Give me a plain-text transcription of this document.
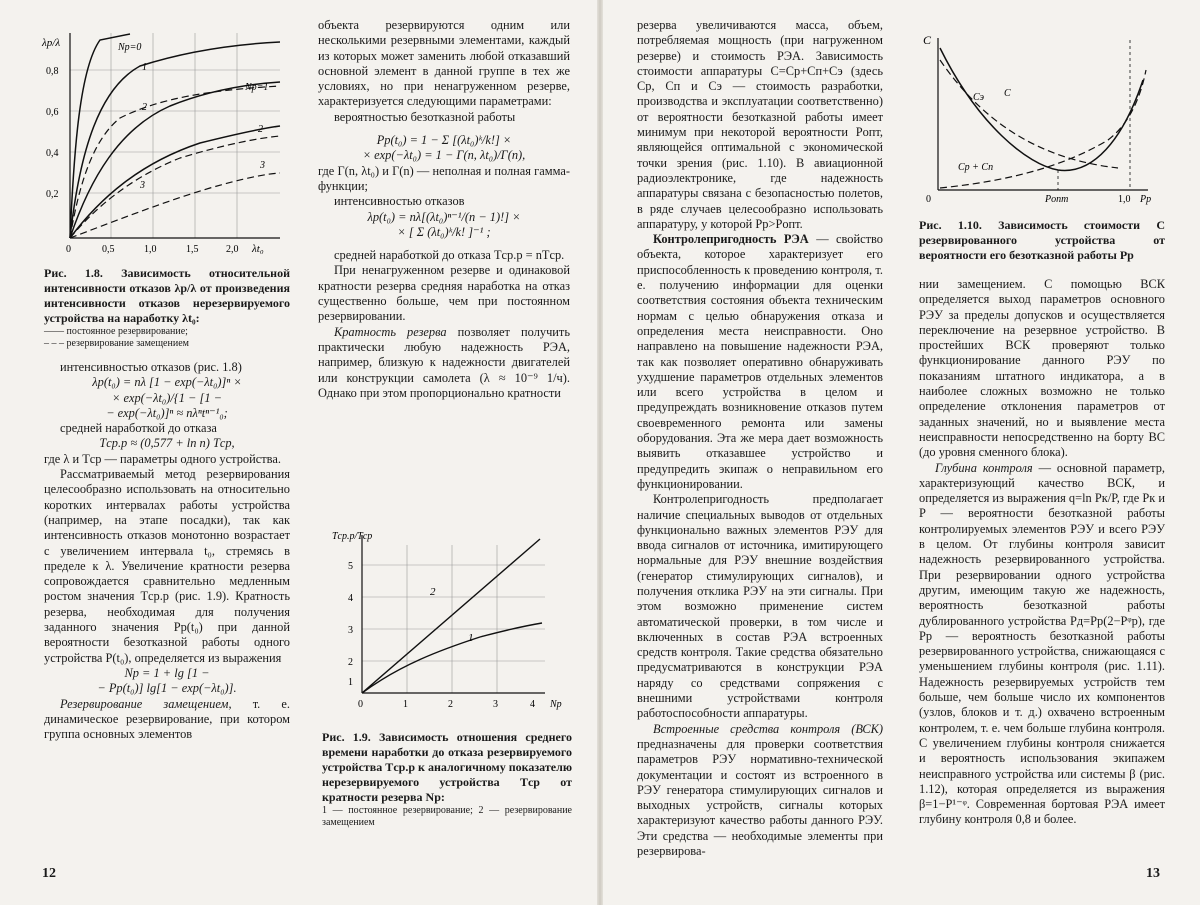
λр/λ
0,8
0,6
0,4
0,2
0	0,5	1,0	1,5	2,0 λt₀
Nр=0
1
2
Nр=1
2
3
3

Рис. 1.8. Зависимость относительной интенсивности отказов λр/λ от произведения интенсивности отказов нерезервируемого устройства на наработку λt₀:

—— постоянное резервирование;

– – – резервирование замещением

интенсивностью отказов (рис. 1.8)

λр(t₀) = nλ [1 − exp(−λt₀)]ⁿ ×

× exp(−λt₀)/{1 − [1 −

− exp(−λt₀)]ⁿ ≈ nλⁿtⁿ⁻¹₀;

средней наработкой до отказа

Tср.р ≈ (0,577 + ln n) Tср,

где λ и Tср — параметры одного устройства.

Рассматриваемый метод резервирования целесообразно использовать на относительно коротких интервалах работы устройства (например, на этапе посадки), так как интенсивность отказов монотонно возрастает с увеличением интервала t₀, стремясь в пределе к λ. Увеличение кратности резерва сопровождается сравнительно медленным ростом значения Tср.р (рис. 1.9). Кратность резерва, необходимая для получения заданного значения Pр(t₀) при данной вероятности безотказной работы одного устройства P(t₀), определяется из выражения

Nр = 1 + lg [1 −

− Pр(t₀)] lg[1 − exp(−λt₀)].

Резервирование замещением, т. е. динамическое резервирование, при котором группа основных элементов

объекта резервируются одним или несколькими резервными элементами, каждый из которых может заменить любой отказавший основной элемент в данной группе в тех же условиях, но при ненагруженном резерве, характеризуется следующими параметрами:

вероятностью безотказной работы

Pр(t₀) = 1 − Σ [(λt₀)ᵏ/k!] ×

× exp(−λt₀) = 1 − Γ(n, λt₀)/Γ(n),

где Γ(n, λt₀) и Γ(n) — неполная и полная гамма-функции;

интенсивностью отказов

λр(t₀) = nλ[(λt₀)ⁿ⁻¹/(n − 1)!] ×

× [ Σ (λt₀)ᵏ/k! ]⁻¹ ;

средней наработкой до отказа Tср.р = nTср.

При ненагруженном резерве и одинаковой кратности резерва средняя наработка на отказ существенно больше, чем при постоянном резервировании.

Кратность резерва позволяет получить практически любую надежность РЭА, например, близкую к надежности двигателей или конструкции самолета (λ ≈ 10⁻⁹ 1/ч). Однако при этом пропорционально кратности

Tср.р/Tср
5
4
3
2
1
0	1	2	3	4 Nр
2
1

Рис. 1.9. Зависимость отношения среднего времени наработки до отказа резервируемого устройства Tср.р к аналогичному показателю нерезервируемого устройства Tср от кратности резерва Nр:

1 — постоянное резервирование; 2 — резервирование замещением

резерва увеличиваются масса, объем, потребляемая мощность (при нагруженном резерве) и стоимость РЭА. Зависимость стоимости аппаратуры C=Cр+Cп+Cэ (здесь Cр, Cп и Cэ — стоимость разработки, производства и эксплуатации соответственно) от вероятности безотказной работы имеет минимум при некоторой вероятности Pопт, являющейся оптимальной с экономической точки зрения (рис. 1.10). В авиационной радиоэлектронике, где надежность аппаратуры связана с безопасностью полетов, в ряде случаев целесообразно использовать аппаратуру, у которой Pр>Pопт.

Контролепригодность РЭА — свойство объекта, которое характеризует его приспособленность к проведению контроля, т. е. получению информации для оценки соответствия состояния объекта техническим нормам с целью обнаружения отказа и определения места неисправности. Оно направлено на повышение надежности РЭА, так как позволяет оперативно обнаруживать ухудшение параметров отдельных элементов или всего устройства в целом и предупреждать возникновение отказов путем своевременного ремонта или замены оборудования. Эта же мера дает возможность выявить отказавшее устройство и предупредить экипаж о неправильном его функционировании.

Контролепригодность предполагает наличие специальных выводов от отдельных функционально важных элементов РЭУ для ввода сигналов от источника, имитирующего нормальные для РЭУ внешние воздействия (генератор стимулирующих сигналов), и получения отклика РЭУ на эти сигналы. При этом возможно применение систем автоматической проверки, в том числе и включенных в состав РЭА встроенных средств контроля. Такие средства обязательно предусматриваются в конструкции РЭА наряду со средствами сопряжения с внешними устройствами контроля работоспособности аппаратуры.

Встроенные средства контроля (ВСК) предназначены для проверки соответствия параметров РЭУ нормативно-технической документации и состоят из встроенного в РЭУ генератора стимулирующих сигналов и выходных устройств, сигналы которых характеризуют качество работы данного РЭУ. Эти средства — необходимые элементы при резервирова-

C
0	Pопт	1,0 Pр
Cэ C
Cр + Cп

Рис. 1.10. Зависимость стоимости C резервированного устройства от вероятности его безотказной работы Pр

нии замещением. С помощью ВСК определяется выход параметров основного РЭУ за пределы допусков и осуществляется переключение на резервное устройство. В простейших ВСК проверяют только функционирование данного РЭУ по показаниям штатного индикатора, а в наиболее сложных возможно не только определение отклонения параметров от заданных значений, но и выявление места неисправности непосредственно на борту ВС (до уровня сменного блока).

Глубина контроля — основной параметр, характеризующий качество ВСК, и определяется из выражения q=ln Pк/P, где Pк и P — вероятности безотказной работы контролируемых элементов РЭУ и всего РЭУ в целом. От глубины контроля зависит надежность резервированного устройства. При резервировании одного устройства другим, имеющим такую же надежность, вероятность безотказной работы дублированного устройства Pд=Pр(2−Pᵠр), где Pр — вероятность безотказной работы резервированного устройства, снижающаяся с уменьшением глубины контроля (рис. 1.11). Надежность резервируемых устройств тем больше, чем больше число их компонентов (узлов, блоков и т. д.) охвачено встроенным контролем, т. е. чем больше глубина контроля. С увеличением глубины контроля снижается и вероятность использования экипажем неисправного устройства или системы β (рис. 1.12), которая определяется из выражения β=1−P¹⁻ᵠ. Современная бортовая РЭА имеет глубину контроля 0,8 и более.

12	13
